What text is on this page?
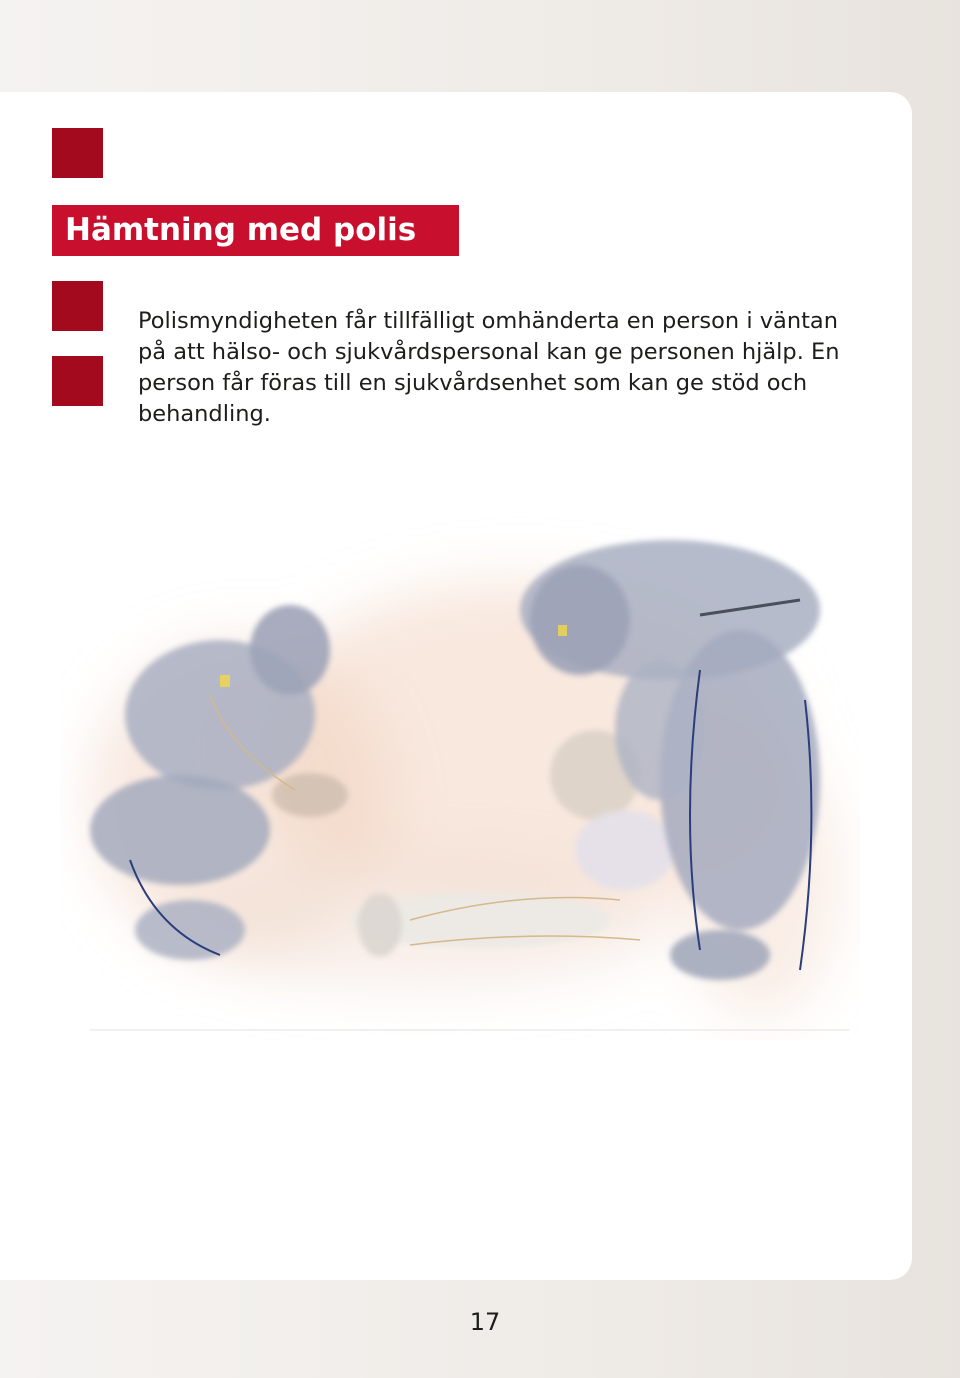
Hämtning med polis

Polismyndigheten får tillfälligt omhänderta en person i väntan på att hälso- och sjukvårdspersonal kan ge personen hjälp. En person får föras till en sjukvårdsenhet som kan ge stöd och behandling.

17
